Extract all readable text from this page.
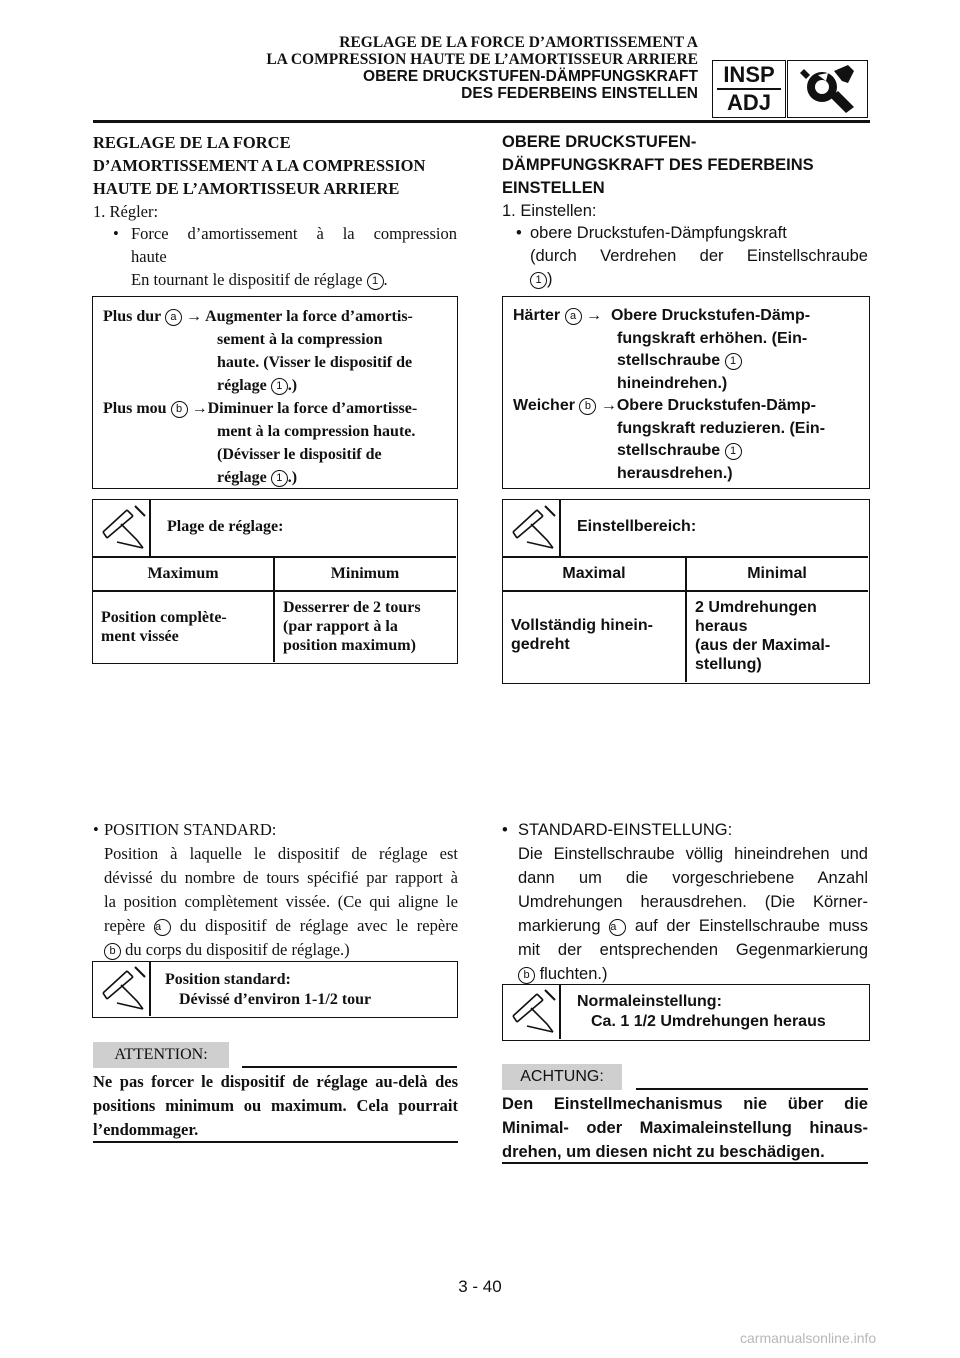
REGLAGE DE LA FORCE D’AMORTISSEMENT A
LA COMPRESSION HAUTE DE L’AMORTISSEUR ARRIERE
OBERE DRUCKSTUFEN-DÄMPFUNGSKRAFT
DES FEDERBEINS EINSTELLEN
INSP
ADJ
REGLAGE DE LA FORCE
D’AMORTISSEMENT A LA COMPRESSION
HAUTE DE L’AMORTISSEUR ARRIERE
1. Régler:
• Force d’amortissement à la compression
haute
En tournant le dispositif de réglage 1 .
Plus dur a → Augmenter la force d’amortis-
sement à la compression
haute. (Visser le dispositif de
réglage 1 .)
Plus mou b →Diminuer la force d’amortisse-
ment à la compression haute.
(Dévisser le dispositif de
réglage 1 .)
Plage de réglage:
Maximum	Minimum
Position complète-
ment vissée
Desserrer de 2 tours
(par rapport à la
position maximum)
• POSITION STANDARD:
Position à laquelle le dispositif de réglage est
dévissé du nombre de tours spécifié par rapport à
la position complètement vissée. (Ce qui aligne le
repère a du dispositif de réglage avec le repère
b du corps du dispositif de réglage.)
Position standard:
Dévissé d’environ 1-1/2 tour
ATTENTION:
Ne pas forcer le dispositif de réglage au-delà des
positions minimum ou maximum. Cela pourrait
l’endommager.
OBERE DRUCKSTUFEN-
DÄMPFUNGSKRAFT DES FEDERBEINS
EINSTELLEN
1. Einstellen:
• obere Druckstufen-Dämpfungskraft
(durch Verdrehen der Einstellschraube
1 )
Härter a → Obere Druckstufen-Dämp-
fungskraft erhöhen. (Ein-
stellschraube 1
hineindrehen.)
Weicher b →Obere Druckstufen-Dämp-
fungskraft reduzieren. (Ein-
stellschraube 1
herausdrehen.)
Einstellbereich:
Maximal	Minimal
Vollständig hinein-
gedreht
2 Umdrehungen
heraus
(aus der Maximal-
stellung)
• STANDARD-EINSTELLUNG:
Die Einstellschraube völlig hineindrehen und
dann um die vorgeschriebene Anzahl
Umdrehungen herausdrehen. (Die Körner-
markierung a auf der Einstellschraube muss
mit der entsprechenden Gegenmarkierung
b fluchten.)
Normaleinstellung:
Ca. 1 1/2 Umdrehungen heraus
ACHTUNG:
Den Einstellmechanismus nie über die
Minimal- oder Maximaleinstellung hinaus-
drehen, um diesen nicht zu beschädigen.
3 - 40
carmanualsonline.info
